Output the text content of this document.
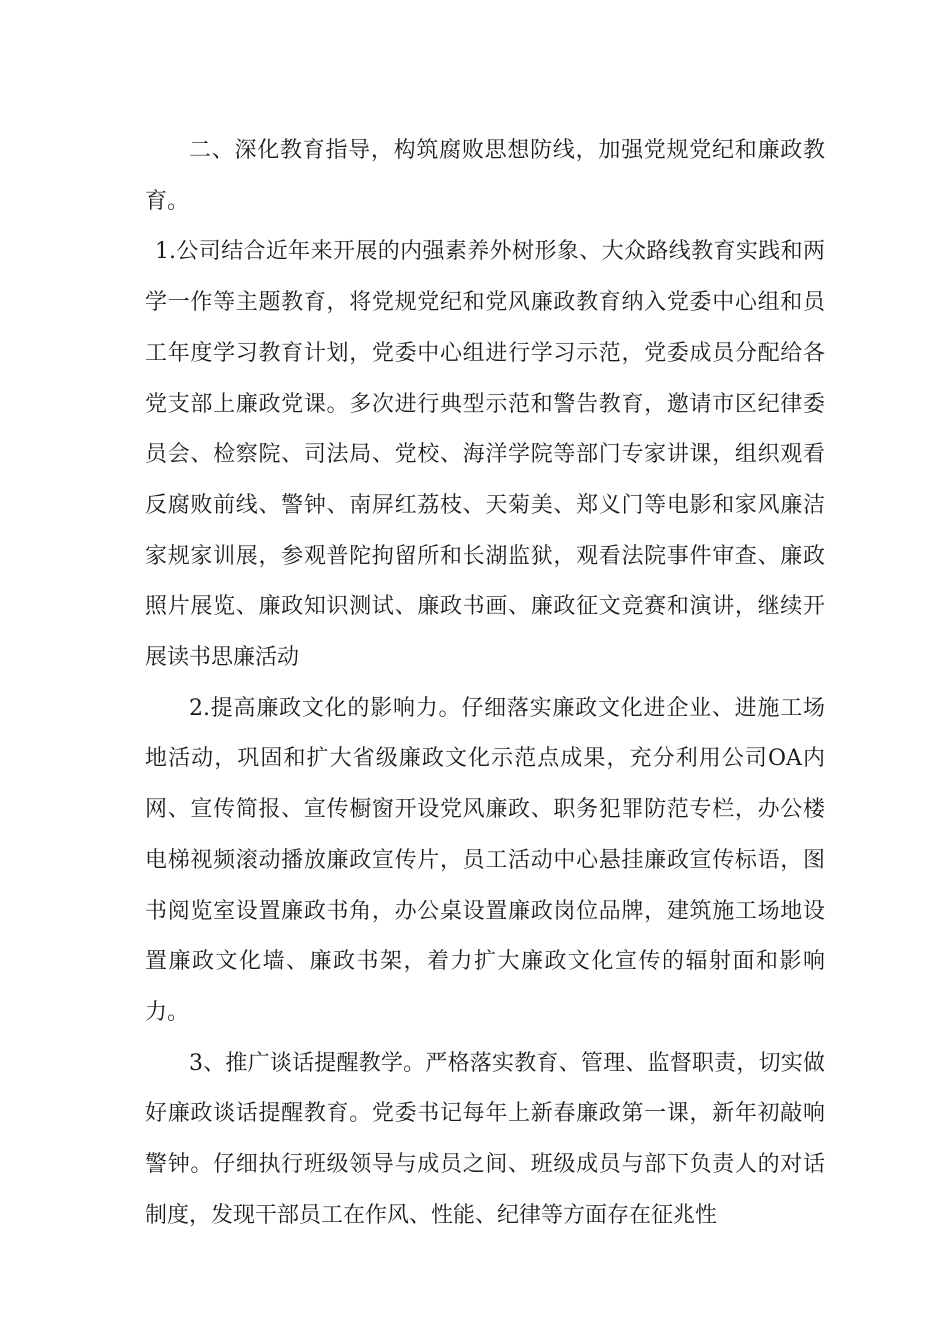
二、深化教育指导，构筑腐败思想防线，加强党规党纪和廉政教育。

1.公司结合近年来开展的内强素养外树形象、大众路线教育实践和两学一作等主题教育，将党规党纪和党风廉政教育纳入党委中心组和员工年度学习教育计划，党委中心组进行学习示范，党委成员分配给各党支部上廉政党课。多次进行典型示范和警告教育，邀请市区纪律委员会、检察院、司法局、党校、海洋学院等部门专家讲课，组织观看反腐败前线、警钟、南屏红荔枝、天菊美、郑义门等电影和家风廉洁家规家训展，参观普陀拘留所和长湖监狱，观看法院事件审查、廉政照片展览、廉政知识测试、廉政书画、廉政征文竞赛和演讲，继续开展读书思廉活动

2.提高廉政文化的影响力。仔细落实廉政文化进企业、进施工场地活动，巩固和扩大省级廉政文化示范点成果，充分利用公司OA内网、宣传简报、宣传橱窗开设党风廉政、职务犯罪防范专栏，办公楼电梯视频滚动播放廉政宣传片，员工活动中心悬挂廉政宣传标语，图书阅览室设置廉政书角，办公桌设置廉政岗位品牌，建筑施工场地设置廉政文化墙、廉政书架，着力扩大廉政文化宣传的辐射面和影响力。

3、推广谈话提醒教学。严格落实教育、管理、监督职责，切实做好廉政谈话提醒教育。党委书记每年上新春廉政第一课，新年初敲响警钟。仔细执行班级领导与成员之间、班级成员与部下负责人的对话制度，发现干部员工在作风、性能、纪律等方面存在征兆性
